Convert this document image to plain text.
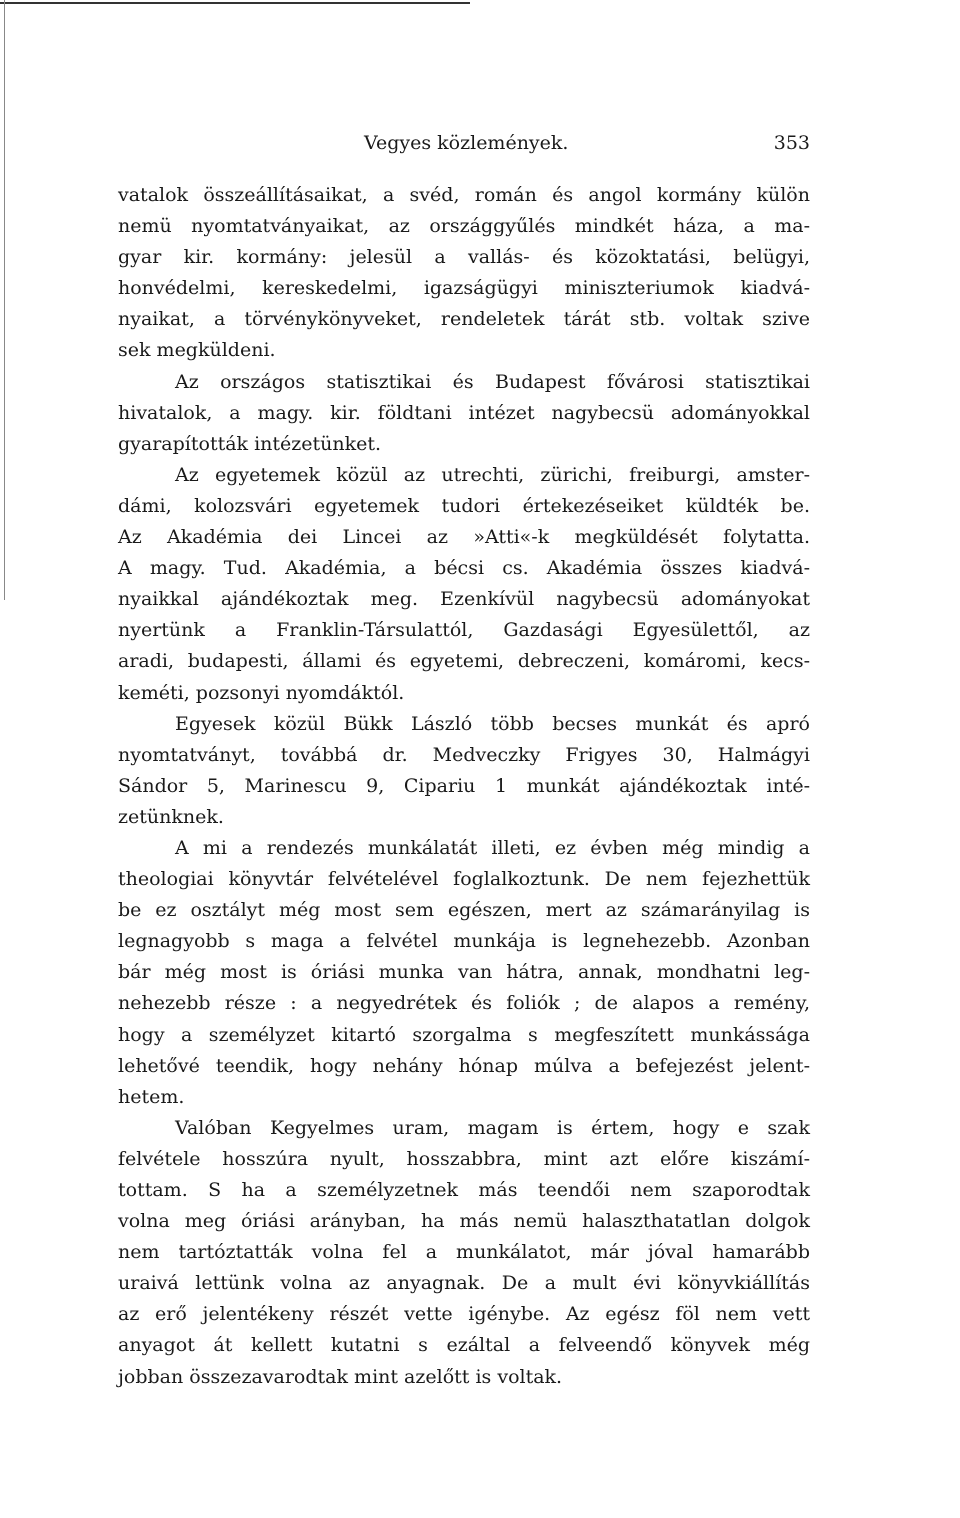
Vegyes közlemények.	353
vatalok összeállításaikat, a svéd, román és angol kormány külön
nemü nyomtatványaikat, az országgyűlés mindkét háza, a ma-
gyar kir. kormány: jelesül a vallás- és közoktatási, belügyi,
honvédelmi, kereskedelmi, igazságügyi miniszteriumok kiadvá-
nyaikat, a törvénykönyveket, rendeletek tárát stb. voltak szive
sek megküldeni.
Az országos statisztikai és Budapest fővárosi statisztikai
hivatalok, a magy. kir. földtani intézet nagybecsü adományokkal
gyarapították intézetünket.
Az egyetemek közül az utrechti, zürichi, freiburgi, amster-
dámi, kolozsvári egyetemek tudori értekezéseiket küldték be.
Az Akadémia dei Lincei az »Atti«-k megküldését folytatta.
A magy. Tud. Akadémia, a bécsi cs. Akadémia összes kiadvá-
nyaikkal ajándékoztak meg. Ezenkívül nagybecsü adományokat
nyertünk a Franklin-Társulattól, Gazdasági Egyesülettől, az
aradi, budapesti, állami és egyetemi, debreczeni, komáromi, kecs-
keméti, pozsonyi nyomdáktól.
Egyesek közül Bükk László több becses munkát és apró
nyomtatványt, továbbá dr. Medveczky Frigyes 30, Halmágyi
Sándor 5, Marinescu 9, Cipariu 1 munkát ajándékoztak inté-
zetünknek.
A mi a rendezés munkálatát illeti, ez évben még mindig a
theologiai könyvtár felvételével foglalkoztunk. De nem fejezhettük
be ez osztályt még most sem egészen, mert az számarányilag is
legnagyobb s maga a felvétel munkája is legnehezebb. Azonban
bár még most is óriási munka van hátra, annak, mondhatni leg-
nehezebb része : a negyedrétek és foliók ; de alapos a remény,
hogy a személyzet kitartó szorgalma s megfeszített munkássága
lehetővé teendik, hogy nehány hónap múlva a befejezést jelent-
hetem.
Valóban Kegyelmes uram, magam is értem, hogy e szak
felvétele hosszúra nyult, hosszabbra, mint azt előre kiszámí-
tottam. S ha a személyzetnek más teendői nem szaporodtak
volna meg óriási arányban, ha más nemü halaszthatatlan dolgok
nem tartóztatták volna fel a munkálatot, már jóval hamarább
uraivá lettünk volna az anyagnak. De a mult évi könyvkiállítás
az erő jelentékeny részét vette igénybe. Az egész föl nem vett
anyagot át kellett kutatni s ezáltal a felveendő könyvek még
jobban összezavarodtak mint azelőtt is voltak.
